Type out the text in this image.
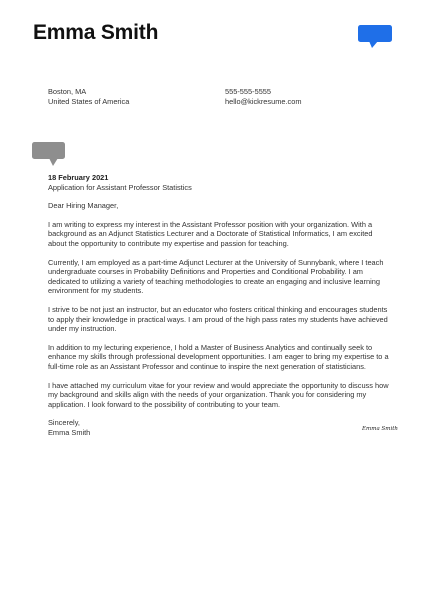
Emma Smith
Boston, MA
United States of America
555-555-5555
hello@kickresume.com

18 February 2021

Application for Assistant Professor Statistics

Dear Hiring Manager,

I am writing to express my interest in the Assistant Professor position with your organization. With a background as an Adjunct Statistics Lecturer and a Doctorate of Statistical Informatics, I am excited about the opportunity to contribute my expertise and passion for teaching.

Currently, I am employed as a part-time Adjunct Lecturer at the University of Sunnybank, where I teach undergraduate courses in Probability Definitions and Properties and Conditional Probability. I am dedicated to utilizing a variety of teaching methodologies to create an engaging and inclusive learning environment for my students.

I strive to be not just an instructor, but an educator who fosters critical thinking and encourages students to apply their knowledge in practical ways. I am proud of the high pass rates my students have achieved under my instruction.

In addition to my lecturing experience, I hold a Master of Business Analytics and continually seek to enhance my skills through professional development opportunities. I am eager to bring my expertise to a full-time role as an Assistant Professor and continue to inspire the next generation of statisticians.

I have attached my curriculum vitae for your review and would appreciate the opportunity to discuss how my background and skills align with the needs of your organization. Thank you for considering my application. I look forward to the possibility of contributing to your team.

Sincerely,
Emma Smith	Emma Smith
